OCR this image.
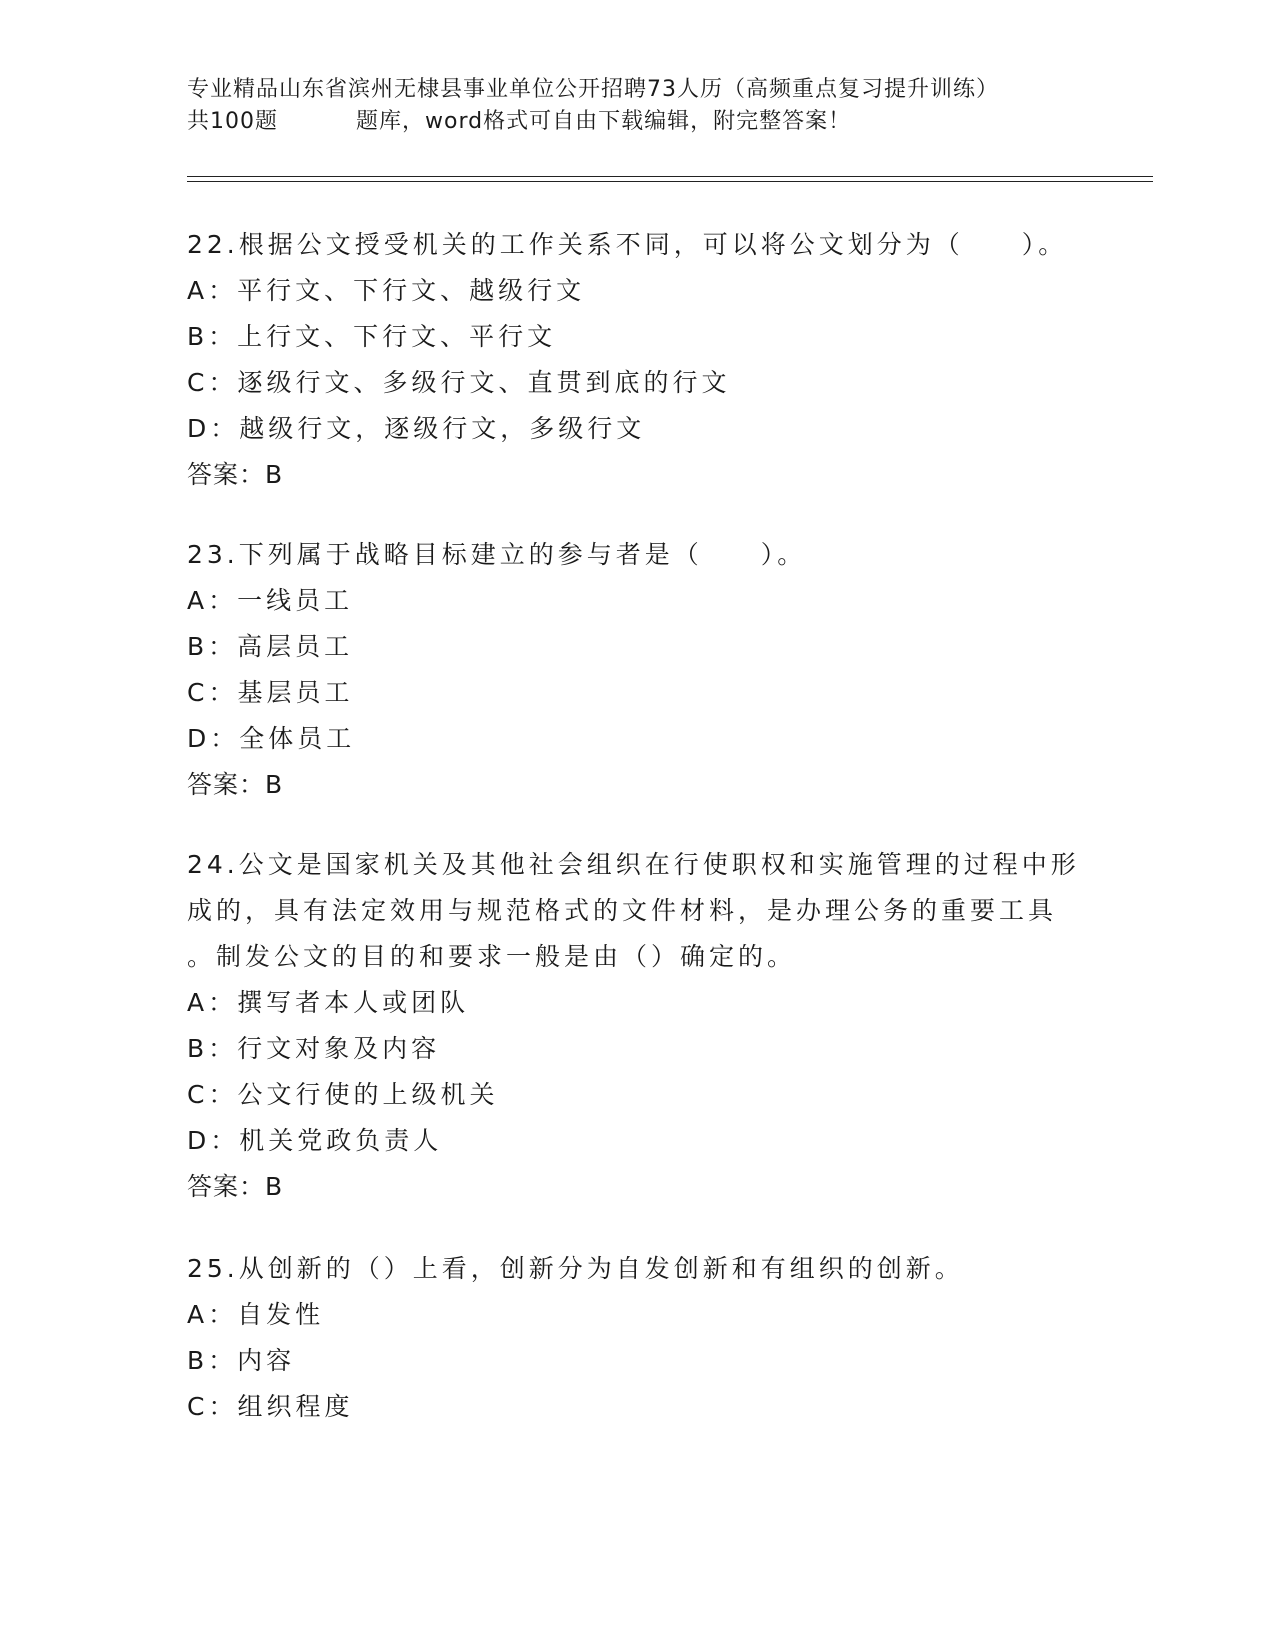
专业精品山东省滨州无棣县事业单位公开招聘73人历（高频重点复习提升训练）
共100题	题库，word格式可自由下载编辑，附完整答案！

22.根据公文授受机关的工作关系不同，可以将公文划分为（　　）。

A：平行文、下行文、越级行文

B：上行文、下行文、平行文

C：逐级行文、多级行文、直贯到底的行文

D：越级行文，逐级行文，多级行文

答案：B

23.下列属于战略目标建立的参与者是（　　）。

A：一线员工

B：高层员工

C：基层员工

D：全体员工

答案：B

24.公文是国家机关及其他社会组织在行使职权和实施管理的过程中形

成的，具有法定效用与规范格式的文件材料，是办理公务的重要工具

。制发公文的目的和要求一般是由（）确定的。

A：撰写者本人或团队

B：行文对象及内容

C：公文行使的上级机关

D：机关党政负责人

答案：B

25.从创新的（）上看，创新分为自发创新和有组织的创新。

A：自发性

B：内容

C：组织程度
